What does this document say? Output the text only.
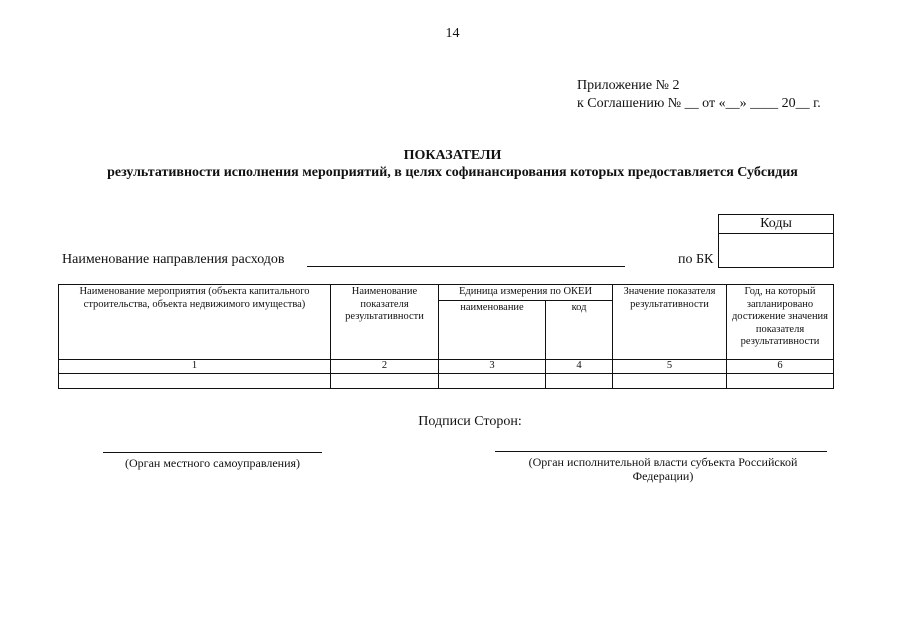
14
Приложение № 2
к Соглашению № __ от «__» ____ 20__ г.
ПОКАЗАТЕЛИ
результативности исполнения мероприятий, в целях софинансирования которых предоставляется Субсидия
Коды
Наименование направления расходов	по БК
Наименование мероприятия (объекта капитального строительства, объекта недвижимого имущества)	Наименование показателя результативности	Единица измерения по ОКЕИ		Значение показателя результативности	Год, на который запланировано достижение значения показателя результативности
		наименование	код		
1	2	3	4	5	6

Подписи Сторон:
(Орган местного самоуправления)	(Орган исполнительной власти субъекта Российской Федерации)
